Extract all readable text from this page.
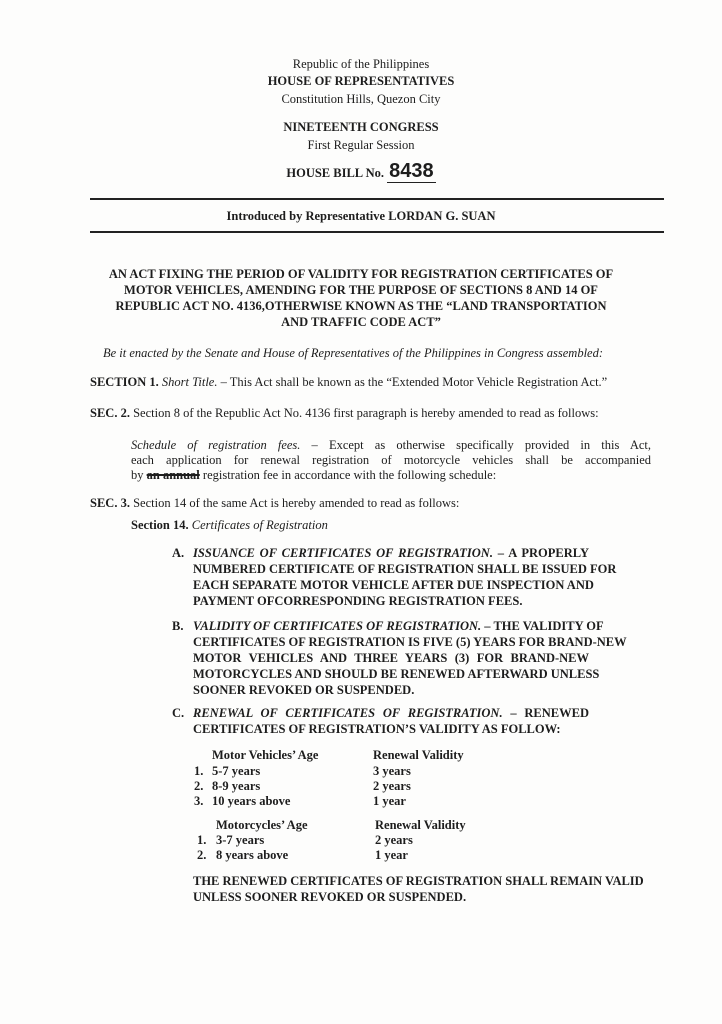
Republic of the Philippines
HOUSE OF REPRESENTATIVES
Constitution Hills, Quezon City
NINETEENTH CONGRESS
First Regular Session
HOUSE BILL No. 8438
Introduced by Representative LORDAN G. SUAN
AN ACT FIXING THE PERIOD OF VALIDITY FOR REGISTRATION CERTIFICATES OF
MOTOR VEHICLES, AMENDING FOR THE PURPOSE OF SECTIONS 8 AND 14 OF
REPUBLIC ACT NO. 4136,OTHERWISE KNOWN AS THE “LAND TRANSPORTATION
AND TRAFFIC CODE ACT”
Be it enacted by the Senate and House of Representatives of the Philippines in Congress assembled:
SECTION 1. Short Title. – This Act shall be known as the “Extended Motor Vehicle Registration Act.”
SEC. 2. Section 8 of the Republic Act No. 4136 first paragraph is hereby amended to read as follows:
Schedule of registration fees. – Except as otherwise specifically provided in this Act,
each application for renewal registration of motorcycle vehicles shall be accompanied
by an annual registration fee in accordance with the following schedule:
SEC. 3. Section 14 of the same Act is hereby amended to read as follows:
Section 14. Certificates of Registration
A. ISSUANCE OF CERTIFICATES OF REGISTRATION. – A PROPERLY
NUMBERED CERTIFICATE OF REGISTRATION SHALL BE ISSUED FOR
EACH SEPARATE MOTOR VEHICLE AFTER DUE INSPECTION AND
PAYMENT OFCORRESPONDING REGISTRATION FEES.
B. VALIDITY OF CERTIFICATES OF REGISTRATION. – THE VALIDITY OF
CERTIFICATES OF REGISTRATION IS FIVE (5) YEARS FOR BRAND-NEW
MOTOR VEHICLES AND THREE YEARS (3) FOR BRAND-NEW
MOTORCYCLES AND SHOULD BE RENEWED AFTERWARD UNLESS
SOONER REVOKED OR SUSPENDED.
C. RENEWAL OF CERTIFICATES OF REGISTRATION. – RENEWED
CERTIFICATES OF REGISTRATION’S VALIDITY AS FOLLOW:
Motor Vehicles’ Age	Renewal Validity
1. 5-7 years	3 years
2. 8-9 years	2 years
3. 10 years above	1 year
Motorcycles’ Age	Renewal Validity
1. 3-7 years	2 years
2. 8 years above	1 year
THE RENEWED CERTIFICATES OF REGISTRATION SHALL REMAIN VALID
UNLESS SOONER REVOKED OR SUSPENDED.
